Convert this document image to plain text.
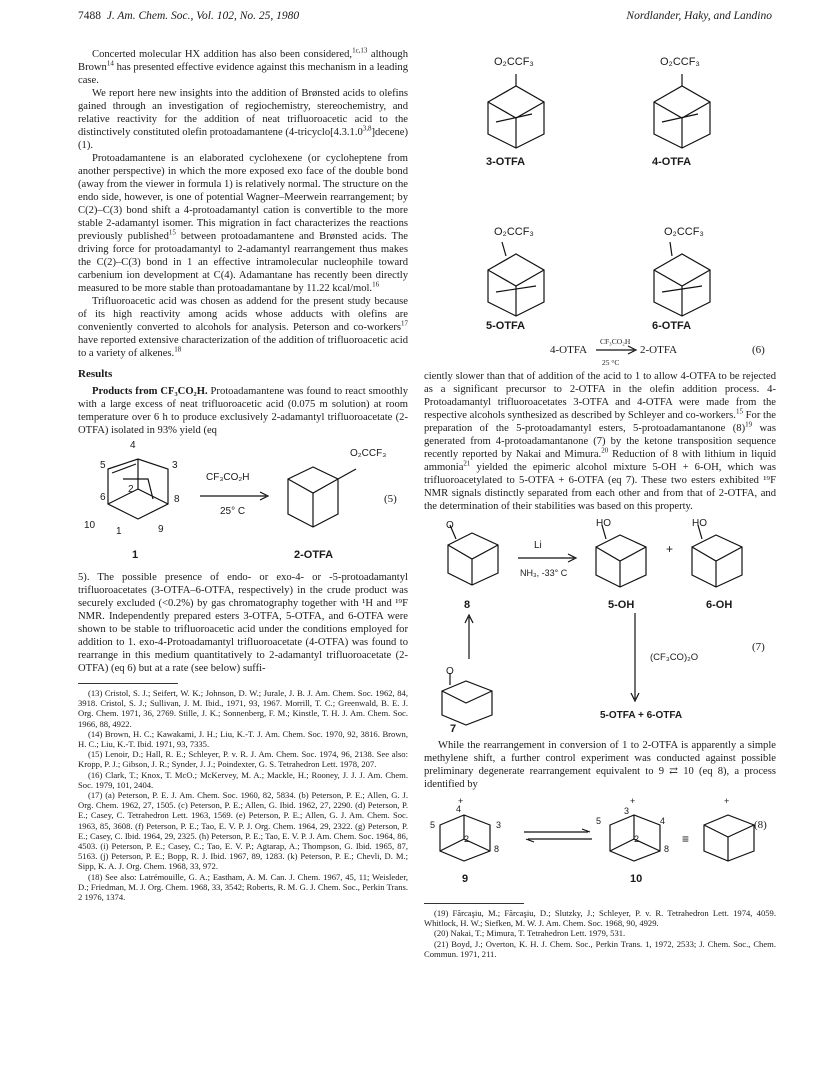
7488 J. Am. Chem. Soc., Vol. 102, No. 25, 1980	Nordlander, Haky, and Landino

Concerted molecular HX addition has also been considered,$^{1c,13}$ although Brown$^{14}$ has presented effective evidence against this mechanism in a leading case.

We report here new insights into the addition of Brønsted acids to olefins gained through an investigation of regiochemistry, stereochemistry, and relative reactivity for the addition of neat trifluoroacetic acid to the distinctively constituted olefin protoadamantene (4-tricyclo[4.3.1.0$^{3,8}$]decene) (1).

Protoadamantene is an elaborated cyclohexene (or cycloheptene from another perspective) in which the more exposed exo face of the double bond (away from the viewer in formula 1) is relatively normal. The structure on the endo side, however, is one of potential Wagner–Meerwein rearrangement; by C(2)–C(3) bond shift a 4-protoadamantyl cation is convertible to the more stable 2-adamantyl isomer. This migration in fact characterizes the reactions previously published$^{15}$ between protoadamantene and Brønsted acids. The driving force for protoadamantyl to 2-adamantyl rearrangement thus makes the C(2)–C(3) bond in 1 an effective intramolecular nucleophile toward carbenium ion development at C(4). Adamantane has recently been directly measured to be more stable than protoadamantane by 11.22 kcal/mol.$^{16}$

Trifluoroacetic acid was chosen as addend for the present study because of its high reactivity among acids whose adducts with olefins are conveniently converted to alcohols for analysis. Peterson and co-workers$^{17}$ have reported extensive characterization of the addition of trifluoroacetic acid to a variety of alkenes.$^{18}$

Results

Products from CF₃CO₂H. Protoadamantene was found to react smoothly with a large excess of neat trifluoroacetic acid (0.075 m solution) at room temperature over 6 h to produce exclusively 2-adamantyl trifluoroacetate (2-OTFA) isolated in 93% yield (eq

4
5	3
6
2
8
10
1	9
CF₃CO₂H
25° C
O₂CCF₃
(5)
1	2-OTFA

5). The possible presence of endo- or exo-4- or -5-protoadamantyl trifluoroacetates (3-OTFA–6-OTFA, respectively) in the crude product was securely excluded (<0.2%) by gas chromatography together with ¹H and ¹⁹F NMR. Independently prepared esters 3-OTFA, 5-OTFA, and 6-OTFA were shown to be stable to trifluoroacetic acid under the conditions employed for addition to 1. exo-4-Protoadamantyl trifluoroacetate (4-OTFA) was found to rearrange in this medium quantitatively to 2-adamantyl trifluoroacetate (2-OTFA) (eq 6) but at a rate (see below) suffi-

(13) Cristol, S. J.; Seifert, W. K.; Johnson, D. W.; Jurale, J. B. J. Am. Chem. Soc. 1962, 84, 3918. Cristol, S. J.; Sullivan, J. M. Ibid., 1971, 93, 1967. Morrill, T. C.; Greenwald, B. E. J. Org. Chem. 1971, 36, 2769. Stille, J. K.; Sonnenberg, F. M.; Kinstle, T. H. J. Am. Chem. Soc. 1966, 88, 4922.
(14) Brown, H. C.; Kawakami, J. H.; Liu, K.-T. J. Am. Chem. Soc. 1970, 92, 3816. Brown, H. C.; Liu, K.-T. Ibid. 1971, 93, 7335.
(15) Lenoir, D.; Hall, R. E.; Schleyer, P. v. R. J. Am. Chem. Soc. 1974, 96, 2138. See also: Kropp, P. J.; Gibson, J. R.; Synder, J. J.; Poindexter, G. S. Tetrahedron Lett. 1978, 207.
(16) Clark, T.; Knox, T. McO.; McKervey, M. A.; Mackle, H.; Rooney, J. J. J. Am. Chem. Soc. 1979, 101, 2404.
(17) (a) Peterson, P. E. J. Am. Chem. Soc. 1960, 82, 5834. (b) Peterson, P. E.; Allen, G. J. Org. Chem. 1962, 27, 1505. (c) Peterson, P. E.; Allen, G. Ibid. 1962, 27, 2290. (d) Peterson, P. E.; Casey, C. Tetrahedron Lett. 1963, 1569. (e) Peterson, P. E.; Allen, G. J. Am. Chem. Soc. 1963, 85, 3608. (f) Peterson, P. E.; Tao, E. V. P. J. Org. Chem. 1964, 29, 2322. (g) Peterson, P. E.; Casey, C. Ibid. 1964, 29, 2325. (h) Peterson, P. E.; Tao, E. V. P. J. Am. Chem. Soc. 1964, 86, 4503. (i) Peterson, P. E.; Casey, C.; Tao, E. V. P.; Agtarap, A.; Thompson, G. Ibid. 1965, 87, 5163. (j) Peterson, P. E.; Bopp, R. J. Ibid. 1967, 89, 1283. (k) Peterson, P. E.; Chevli, D. M.; Sipp, K. A. J. Org. Chem. 1968, 33, 972.
(18) See also: Latrémouille, G. A.; Eastham, A. M. Can. J. Chem. 1967, 45, 11; Weisleder, D.; Friedman, M. J. Org. Chem. 1968, 33, 3542; Roberts, R. M. G. J. Chem. Soc., Perkin Trans. 2 1976, 1374.
O₂CCF₃	O₂CCF₃
3-OTFA	4-OTFA
O₂CCF₃	O₂CCF₃
5-OTFA	6-OTFA
4-OTFA
CF₃CO₂H
25 °C
2-OTFA	(6)

ciently slower than that of addition of the acid to 1 to allow 4-OTFA to be rejected as a significant precursor to 2-OTFA in the olefin addition process. 4-Protoadamantyl trifluoroacetates 3-OTFA and 4-OTFA were made from the respective alcohols synthesized as described by Schleyer and co-workers.$^{15}$ For the preparation of the 5-protoadamantyl esters, 5-protoadamantanone $(8)^{19}$ was generated from 4-protoadamantanone (7) by the ketone transposition sequence recently reported by Nakai and Mimura.$^{20}$ Reduction of 8 with lithium in liquid ammonia$^{21}$ yielded the epimeric alcohol mixture 5-OH + 6-OH, which was trifluoroacetylated to 5-OTFA + 6-OTFA (eq 7). These two esters exhibited ¹⁹F NMR signals distinctly separated from each other and from that of 2-OTFA, and the determination of their stabilities was based on this property.

O
Li
NH₃, -33° C
HO
+
HO
8	5-OH	6-OH
(CF₃CO)₂O
(7)
O
5-OTFA + 6-OTFA
7

While the rearrangement in conversion of 1 to 2-OTFA is apparently a simple methylene shift, a further control experiment was conducted against possible preliminary degenerate rearrangement equivalent to 9 ⇄ 10 (eq 8), a process identified by

+
5
4
3
2
8
+
5
3
4
2
8
≡
+
(8)
9	10
(19) Fărcaşiu, M.; Fărcaşiu, D.; Slutzky, J.; Schleyer, P. v. R. Tetrahedron Lett. 1974, 4059. Whitlock, H. W.; Siefken, M. W. J. Am. Chem. Soc. 1968, 90, 4929.
(20) Nakai, T.; Mimura, T. Tetrahedron Lett. 1979, 531.
(21) Boyd, J.; Overton, K. H. J. Chem. Soc., Perkin Trans. 1, 1972, 2533; J. Chem. Soc., Chem. Commun. 1971, 211.
